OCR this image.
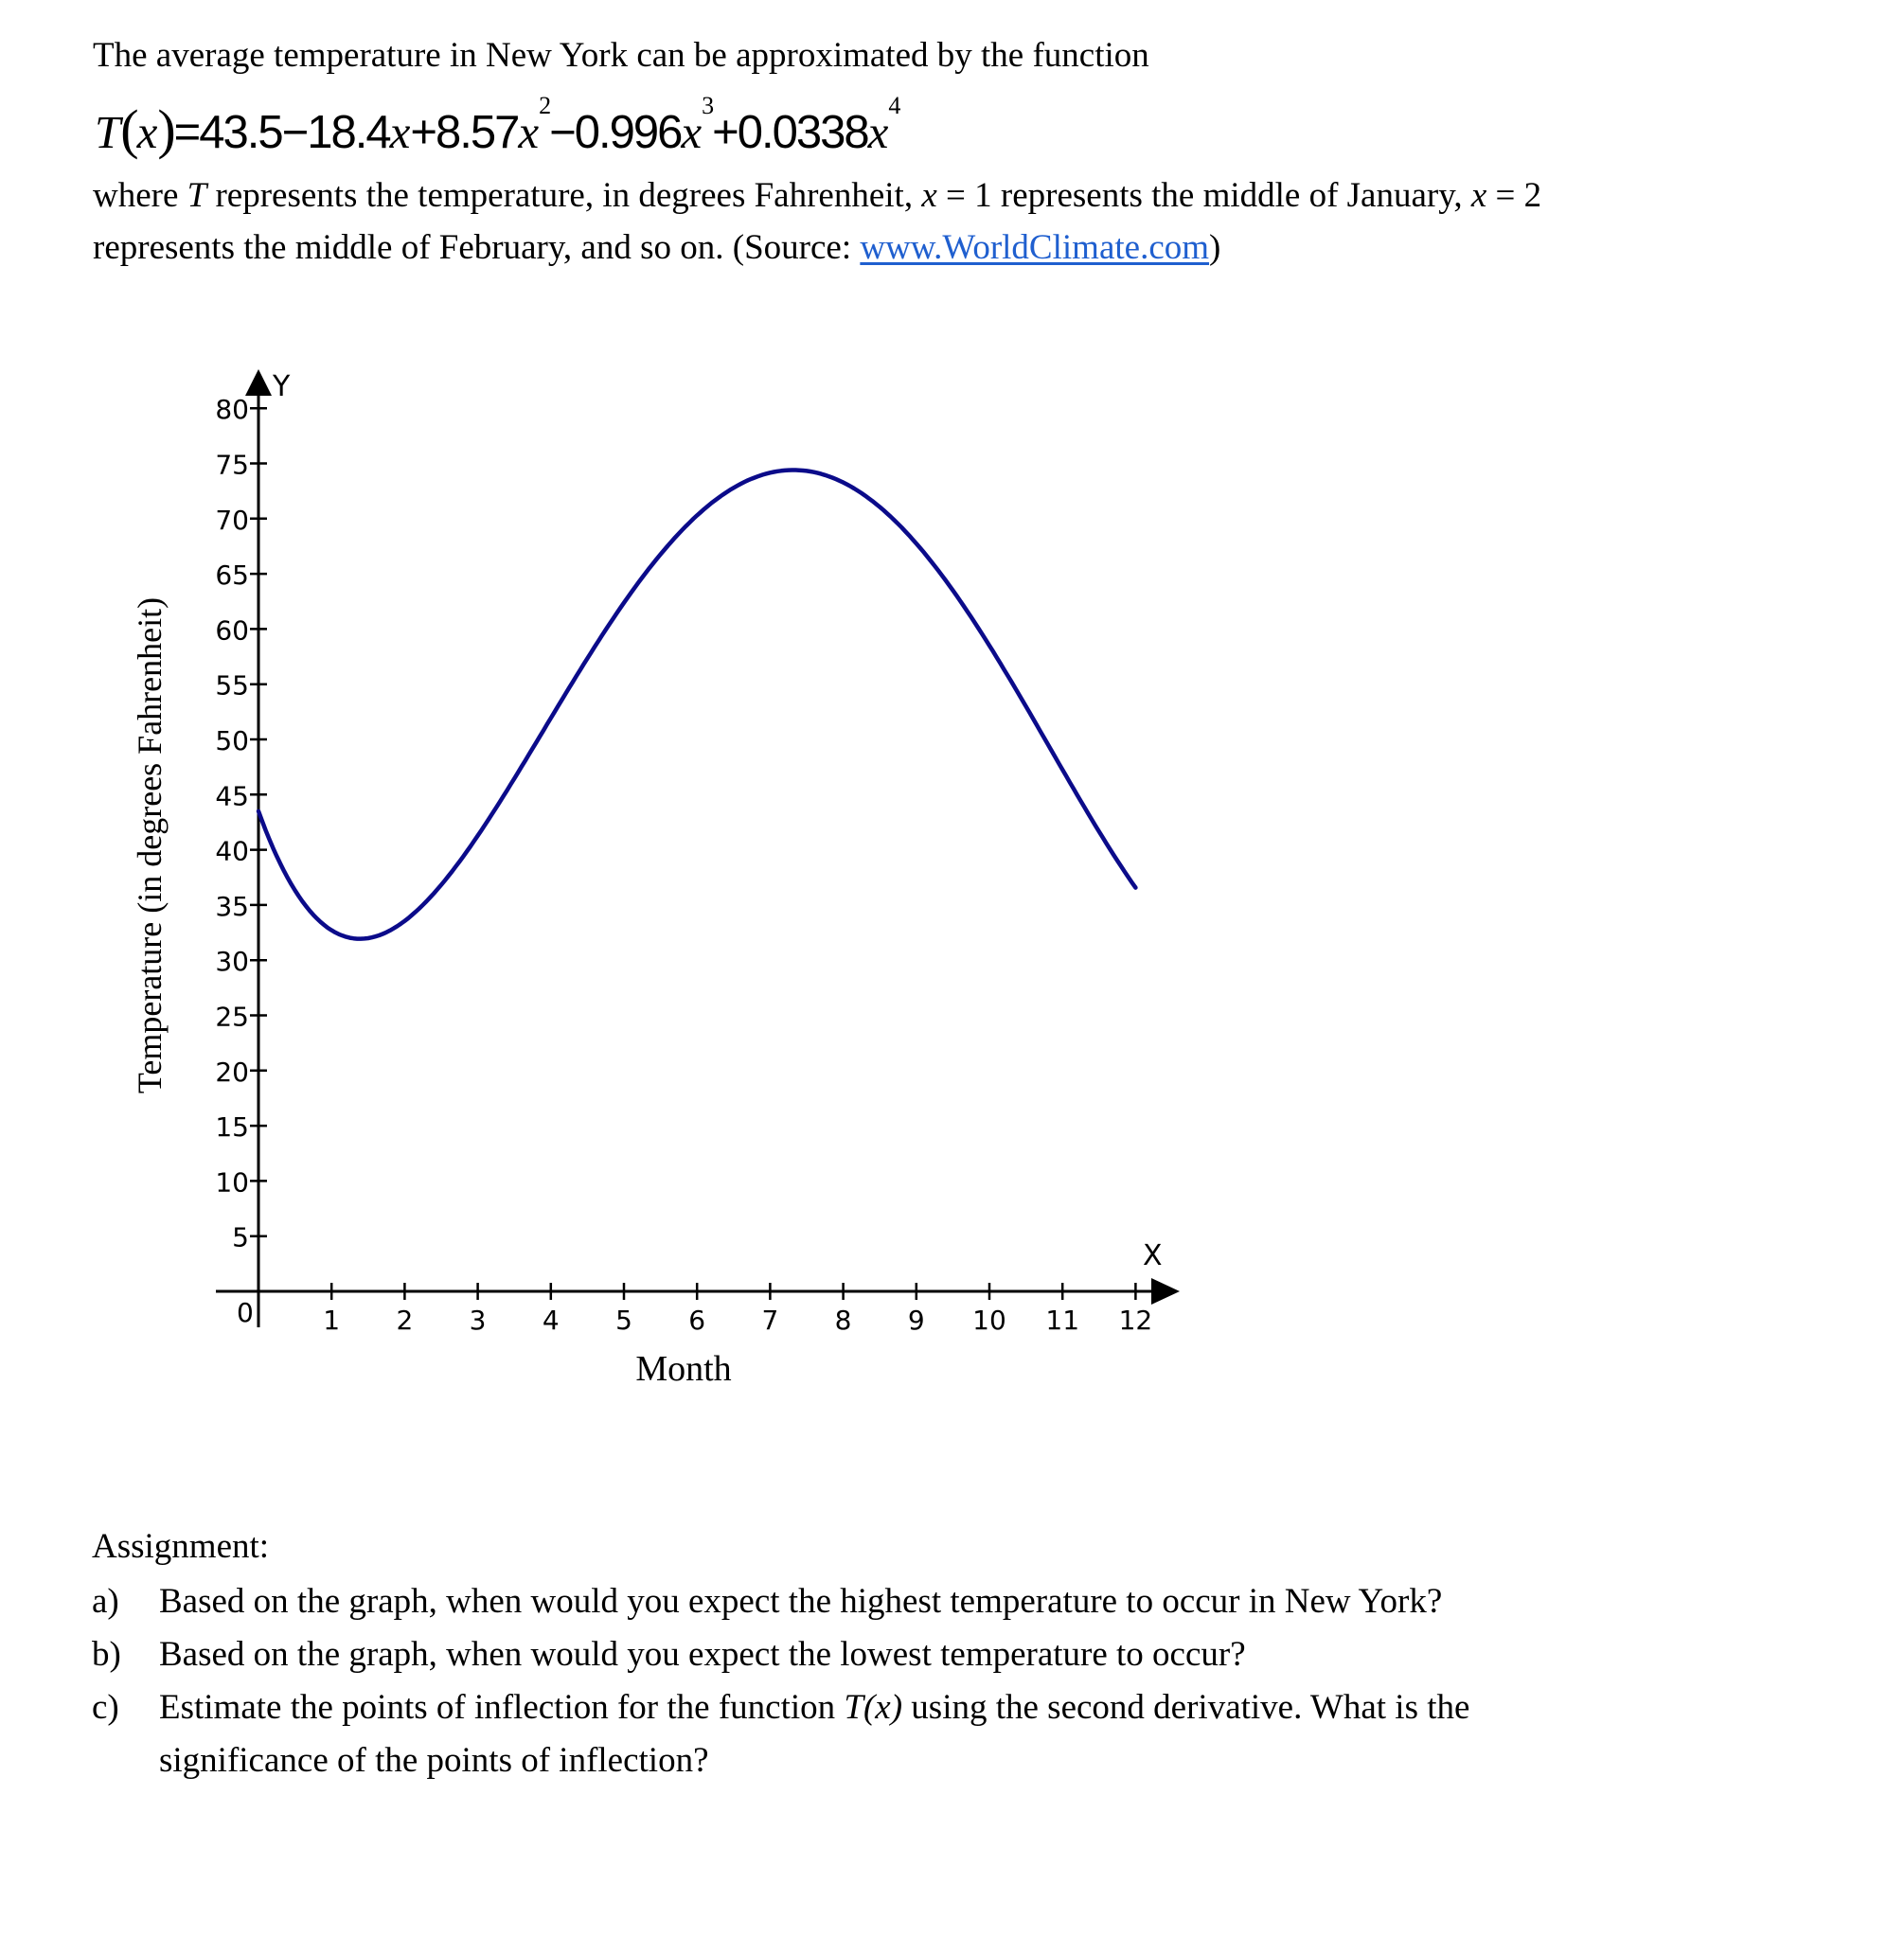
The average temperature in New York can be approximated by the function
$T(x)=43.5-18.4x+8.57x^2-0.996x^3+0.0338x^4$
where T represents the temperature, in degrees Fahrenheit, x = 1 represents the middle of January, x = 2
represents the middle of February, and so on. (Source: www.WorldClimate.com)
5
10
15
20
25
30
35
40
45
50
55
60
65
70
75
80
1 2 3 4 5 6 7 8 9 10 11 12
Temperature (in degrees Fahrenheit)
Month
Y
X
0
Assignment:
a) Based on the graph, when would you expect the highest temperature to occur in New York?
b) Based on the graph, when would you expect the lowest temperature to occur?
c) Estimate the points of inflection for the function T(x) using the second derivative. What is the
significance of the points of inflection?
